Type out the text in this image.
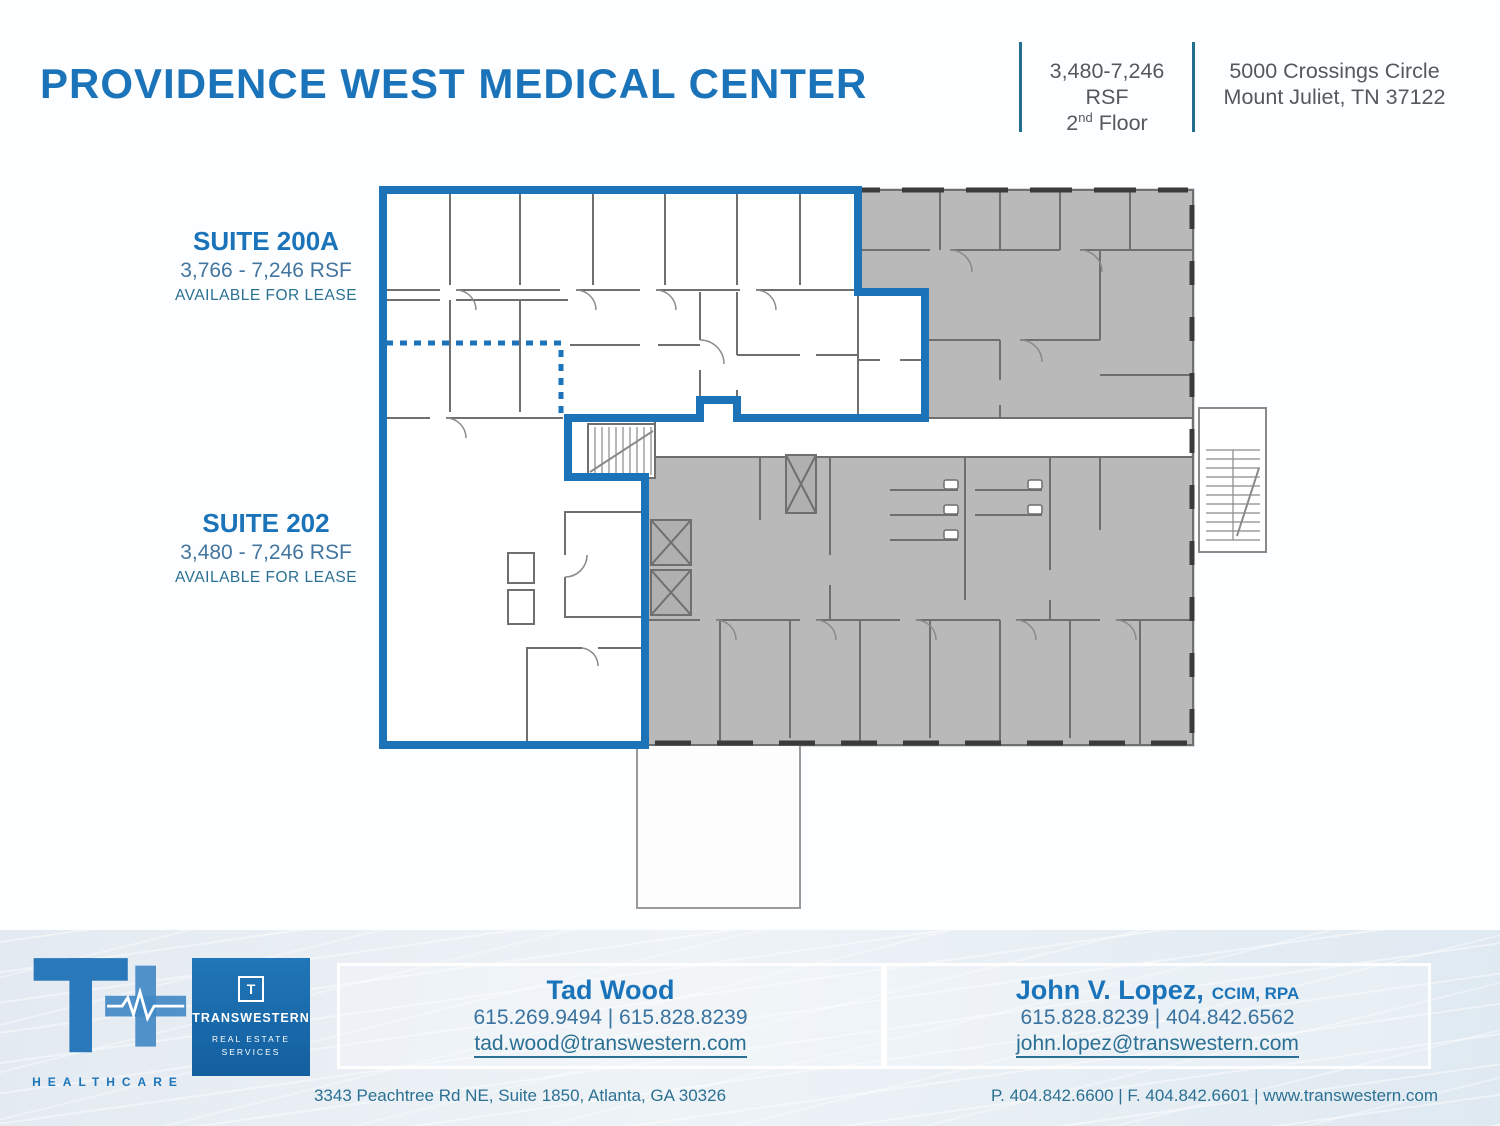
PROVIDENCE WEST MEDICAL CENTER	3,480-7,246 RSF
2nd Floor
5000 Crossings Circle
Mount Juliet, TN 37122
SUITE 200A
3,766 - 7,246 RSF
AVAILABLE FOR LEASE
SUITE 202
3,480 - 7,246 RSF
AVAILABLE FOR LEASE
HEALTHCARE
T
TRANSWESTERN
REAL ESTATE
SERVICES
Tad Wood
615.269.9494 | 615.828.8239
tad.wood@transwestern.com
John V. Lopez, CCIM, RPA
615.828.8239 | 404.842.6562
john.lopez@transwestern.com
3343 Peachtree Rd NE, Suite 1850, Atlanta, GA 30326	P. 404.842.6600 | F. 404.842.6601 | www.transwestern.com
